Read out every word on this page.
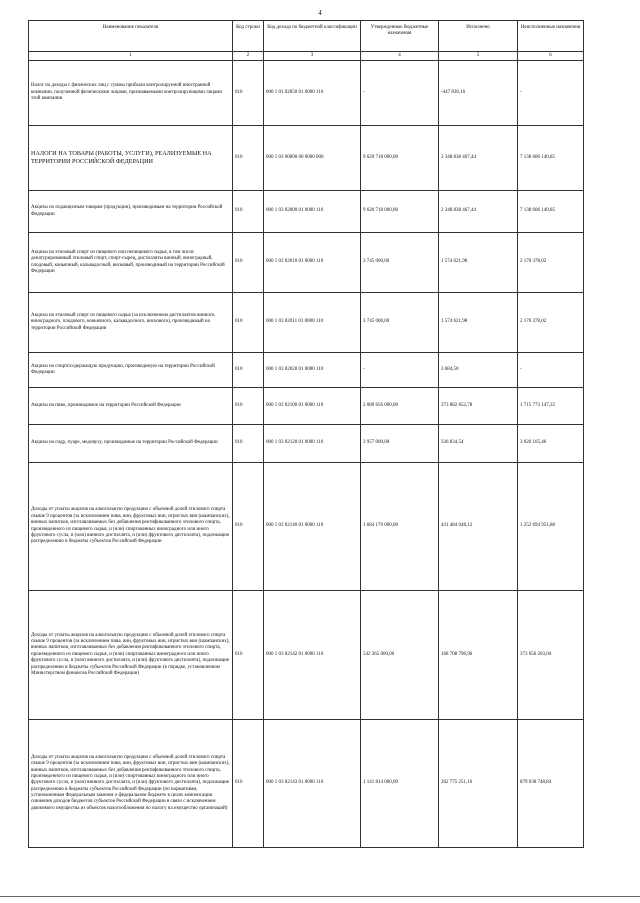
4
Наименование показателя	Код строки	Код дохода по бюджетной классификации	Утвержденные бюджетные назначения	Исполнено	Неисполненные назначения
1	2	3	4	5	6
Налог на доходы с физических лиц с суммы прибыли контролируемой иностранной компании, полученной физическими лицами, признаваемыми контролирующими лицами этой компании	010	000 1 01 02050 01 0000 110	-	-447 836,16	-
НАЛОГИ НА ТОВАРЫ (РАБОТЫ, УСЛУГИ), РЕАЛИЗУЕМЫЕ НА ТЕРРИТОРИИ РОССИЙСКОЙ ФЕДЕРАЦИИ	010	000 1 03 00000 00 0000 000	9 620 718 000,00	2 348 838 467,44	7 138 606 140,85
Акцизы по подакцизным товарам (продукции), производимым на территории Российской Федерации	010	000 1 03 02000 01 0000 110	9 620 718 000,00	2 348 838 467,44	7 138 606 140,85
Акцизы на этиловый спирт из пищевого или непищевого сырья, в том числе денатурированный этиловый спирт, спирт-сырец, дистилляты винный, виноградный, плодовый, коньячный, кальвадосный, висковый, производимый на территории Российской Федерации	010	000 1 03 02010 01 0000 110	3 745 000,00	1 574 621,98	2 170 378,02
Акцизы на этиловый спирт из пищевого сырья (за исключением дистиллятов винного, виноградного, плодового, коньячного, кальвадосного, вискового), производимый на территории Российской Федерации	010	000 1 03 02011 01 0000 110	3 745 000,00	1 574 621,98	2 170 378,02
Акцизы на спиртосодержащую продукцию, производимую на территории Российской Федерации	010	000 1 03 02020 01 0000 110	-	3 684,50	-
Акцизы на пиво, производимое на территории Российской Федерации	010	000 1 03 02100 01 0000 110	2 089 656 000,00	373 882 852,78	1 715 773 147,22
Акцизы на сидр, пуаре, медовуху, производимые на территории Российской Федерации	010	000 1 03 02120 01 0000 110	3 957 000,00	336 834,54	3 620 165,46
Доходы от уплаты акцизов на алкогольную продукцию с объемной долей этилового спирта свыше 9 процентов (за исключением пива, вин, фруктовых вин, игристых вин (шампанских), винных напитков, изготавливаемых без добавления ректификованного этилового спирта, произведенного из пищевого сырья, и (или) спиртованных виноградного или иного фруктового сусла, и (или) винного дистиллята, и (или) фруктового дистиллята), подлежащие распределению в бюджеты субъектов Российской Федерации	010	000 1 03 02140 01 0000 110	1 684 179 000,00	431 484 048,12	1 252 694 951,88
Доходы от уплаты акцизов на алкогольную продукцию с объемной долей этилового спирта свыше 9 процентов (за исключением пива, вин, фруктовых вин, игристых вин (шампанских), винных напитков, изготавливаемых без добавления ректификованного этилового спирта, произведенного из пищевого сырья, и (или) спиртованных виноградного или иного фруктового сусла, и (или) винного дистиллята, и (или) фруктового дистиллята), подлежащие распределению в бюджеты субъектов Российской Федерации (в порядке, установленном Министерством финансов Российской Федерации)	010	000 1 03 02142 01 0000 110	542 365 000,00	168 708 796,96	373 656 203,04
Доходы от уплаты акцизов на алкогольную продукцию с объемной долей этилового спирта свыше 9 процентов (за исключением пива, вин, фруктовых вин, игристых вин (шампанских), винных напитков, изготавливаемых без добавления ректификованного этилового спирта, произведенного из пищевого сырья, и (или) спиртованных виноградного или иного фруктового сусла, и (или) винного дистиллята, и (или) фруктового дистиллята), подлежащие распределению в бюджеты субъектов Российской Федерации (по нормативам, установленным Федеральным законом о федеральном бюджете в целях компенсации снижения доходов бюджетов субъектов Российской Федерации в связи с исключением движимого имущества из объектов налогообложения по налогу на имущество организаций)	010	000 1 03 02143 01 0000 110	1 141 814 000,00	262 775 251,16	879 038 748,84
